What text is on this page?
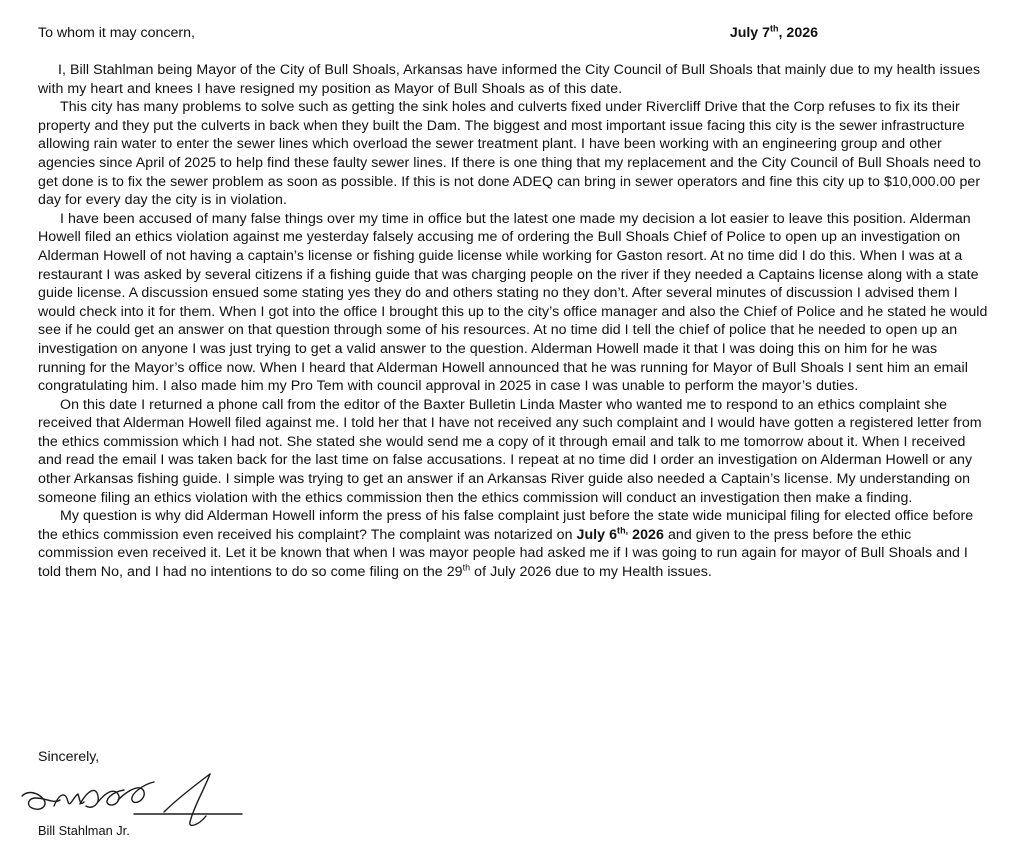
To whom it may concern,	July 7th, 2026

I, Bill Stahlman being Mayor of the City of Bull Shoals, Arkansas have informed the City Council of Bull Shoals that mainly due to my health issues with my heart and knees I have resigned my position as Mayor of Bull Shoals as of this date.

This city has many problems to solve such as getting the sink holes and culverts fixed under Rivercliff Drive that the Corp refuses to fix its their property and they put the culverts in back when they built the Dam. The biggest and most important issue facing this city is the sewer infrastructure allowing rain water to enter the sewer lines which overload the sewer treatment plant. I have been working with an engineering group and other agencies since April of 2025 to help find these faulty sewer lines. If there is one thing that my replacement and the City Council of Bull Shoals need to get done is to fix the sewer problem as soon as possible. If this is not done ADEQ can bring in sewer operators and fine this city up to $10,000.00 per day for every day the city is in violation.

I have been accused of many false things over my time in office but the latest one made my decision a lot easier to leave this position. Alderman Howell filed an ethics violation against me yesterday falsely accusing me of ordering the Bull Shoals Chief of Police to open up an investigation on Alderman Howell of not having a captain’s license or fishing guide license while working for Gaston resort. At no time did I do this. When I was at a restaurant I was asked by several citizens if a fishing guide that was charging people on the river if they needed a Captains license along with a state guide license. A discussion ensued some stating yes they do and others stating no they don’t. After several minutes of discussion I advised them I would check into it for them. When I got into the office I brought this up to the city’s office manager and also the Chief of Police and he stated he would see if he could get an answer on that question through some of his resources. At no time did I tell the chief of police that he needed to open up an investigation on anyone I was just trying to get a valid answer to the question. Alderman Howell made it that I was doing this on him for he was running for the Mayor’s office now. When I heard that Alderman Howell announced that he was running for Mayor of Bull Shoals I sent him an email congratulating him. I also made him my Pro Tem with council approval in 2025 in case I was unable to perform the mayor’s duties.

On this date I returned a phone call from the editor of the Baxter Bulletin Linda Master who wanted me to respond to an ethics complaint she received that Alderman Howell filed against me. I told her that I have not received any such complaint and I would have gotten a registered letter from the ethics commission which I had not. She stated she would send me a copy of it through email and talk to me tomorrow about it. When I received and read the email I was taken back for the last time on false accusations. I repeat at no time did I order an investigation on Alderman Howell or any other Arkansas fishing guide. I simple was trying to get an answer if an Arkansas River guide also needed a Captain’s license. My understanding on someone filing an ethics violation with the ethics commission then the ethics commission will conduct an investigation then make a finding.

My question is why did Alderman Howell inform the press of his false complaint just before the state wide municipal filing for elected office before the ethics commission even received his complaint? The complaint was notarized on July $6^{th,}$ 2026 and given to the press before the ethic commission even received it. Let it be known that when I was mayor people had asked me if I was going to run again for mayor of Bull Shoals and I told them No, and I had no intentions to do so come filing on the 29th of July 2026 due to my Health issues.

Sincerely,
Bill Stahlman Jr.
